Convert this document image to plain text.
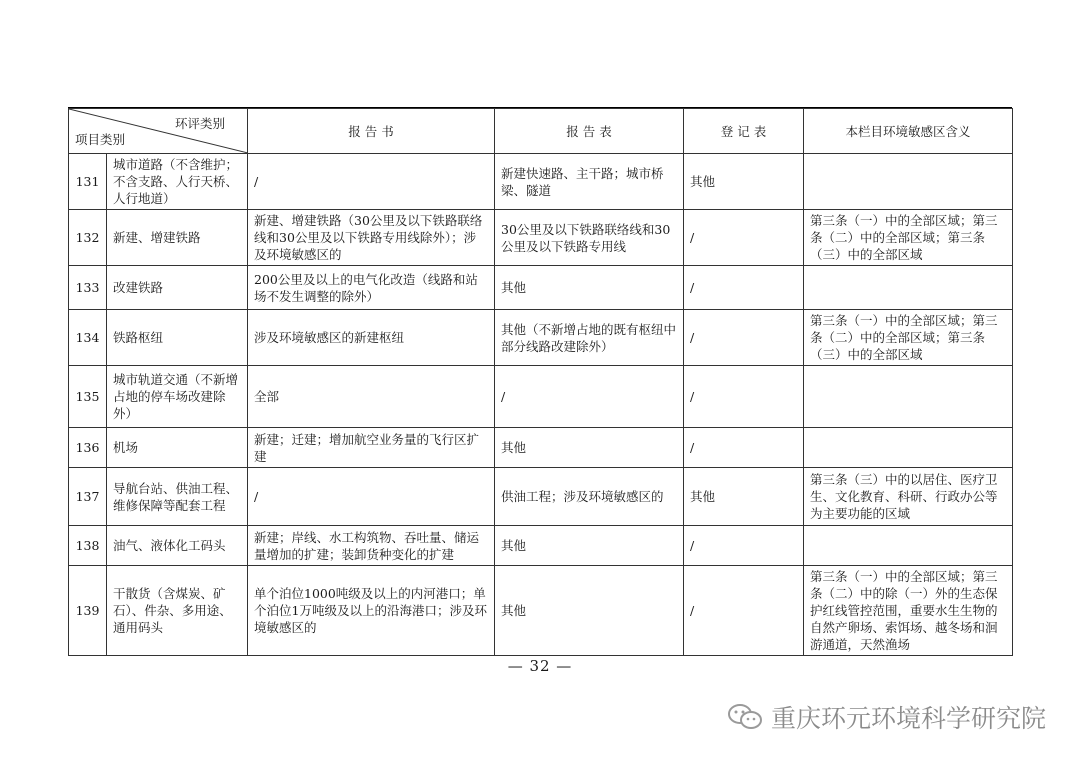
环评类别
项目类别		报 告 书	报 告 表	登 记 表	本栏目环境敏感区含义
131	城市道路（不含维护；不含支路、人行天桥、人行地道）	/	新建快速路、主干路；城市桥梁、隧道	其他	
132	新建、增建铁路	新建、增建铁路（30公里及以下铁路联络线和30公里及以下铁路专用线除外）；涉及环境敏感区的	30公里及以下铁路联络线和30公里及以下铁路专用线	/	第三条（一）中的全部区域；第三条（二）中的全部区域；第三条（三）中的全部区域
133	改建铁路	200公里及以上的电气化改造（线路和站场不发生调整的除外）	其他	/	
134	铁路枢纽	涉及环境敏感区的新建枢纽	其他（不新增占地的既有枢纽中部分线路改建除外）	/	第三条（一）中的全部区域；第三条（二）中的全部区域；第三条（三）中的全部区域
135	城市轨道交通（不新增占地的停车场改建除外）	全部	/	/	
136	机场	新建；迁建；增加航空业务量的飞行区扩建	其他	/	
137	导航台站、供油工程、维修保障等配套工程	/	供油工程；涉及环境敏感区的	其他	第三条（三）中的以居住、医疗卫生、文化教育、科研、行政办公等为主要功能的区域
138	油气、液体化工码头	新建；岸线、水工构筑物、吞吐量、储运量增加的扩建；装卸货种变化的扩建	其他	/	
139	干散货（含煤炭、矿石）、件杂、多用途、通用码头	单个泊位1000吨级及以上的内河港口；单个泊位1万吨级及以上的沿海港口；涉及环境敏感区的	其他	/	第三条（一）中的全部区域；第三条（二）中的除（一）外的生态保护红线管控范围，重要水生生物的自然产卵场、索饵场、越冬场和洄游通道，天然渔场
— 32 —
重庆环元环境科学研究院
